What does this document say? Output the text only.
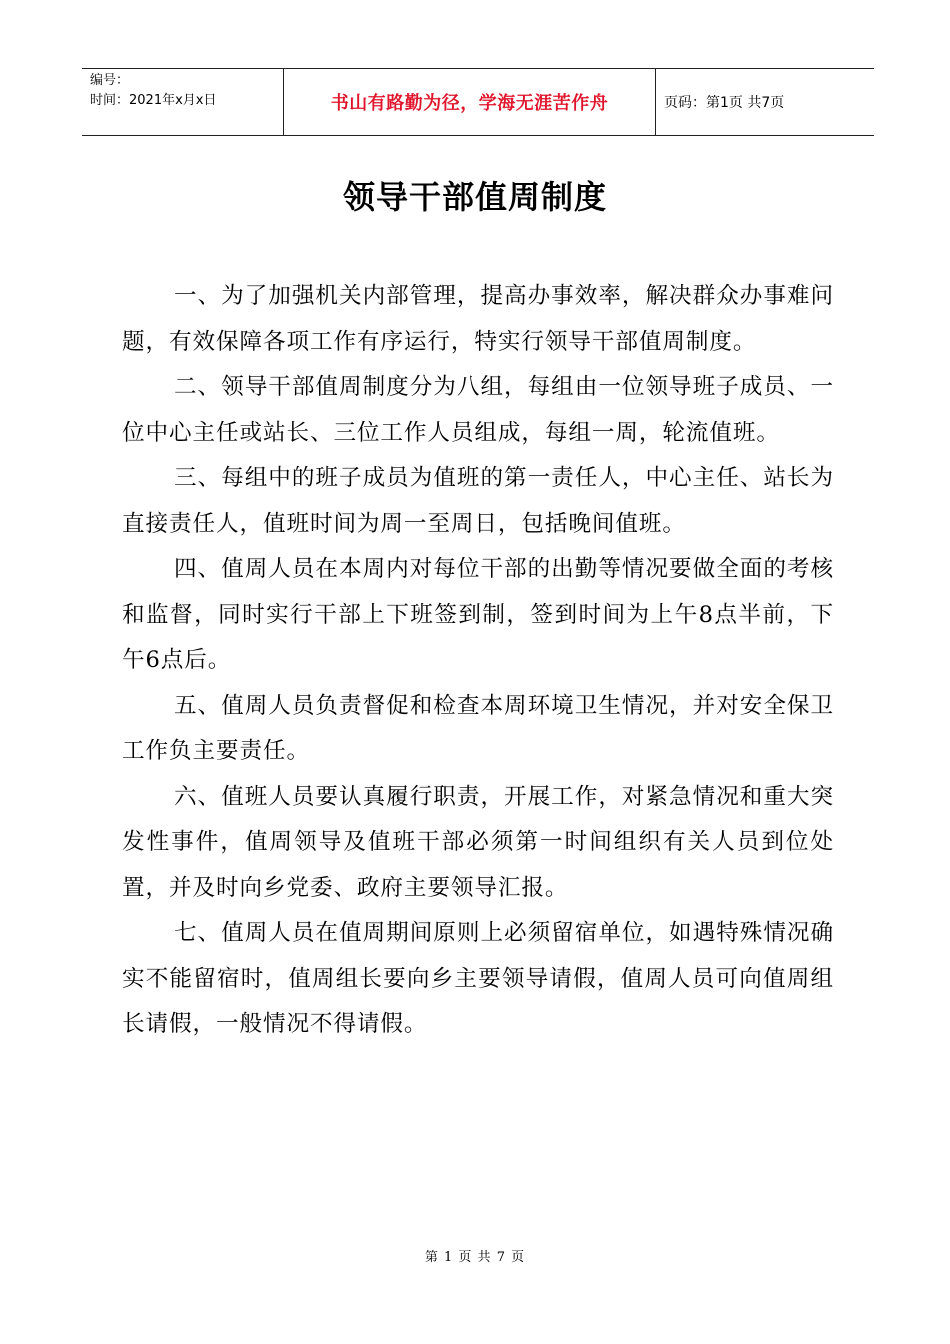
编号：
时间：2021年x月x日	书山有路勤为径，学海无涯苦作舟	页码：第1页 共7页
领导干部值周制度

一、为了加强机关内部管理，提高办事效率，解决群众办事难问题，有效保障各项工作有序运行，特实行领导干部值周制度。

二、领导干部值周制度分为八组，每组由一位领导班子成员、一位中心主任或站长、三位工作人员组成，每组一周，轮流值班。

三、每组中的班子成员为值班的第一责任人，中心主任、站长为直接责任人，值班时间为周一至周日，包括晚间值班。

四、值周人员在本周内对每位干部的出勤等情况要做全面的考核和监督，同时实行干部上下班签到制，签到时间为上午8点半前，下午6点后。

五、值周人员负责督促和检查本周环境卫生情况，并对安全保卫工作负主要责任。

六、值班人员要认真履行职责，开展工作，对紧急情况和重大突发性事件，值周领导及值班干部必须第一时间组织有关人员到位处置，并及时向乡党委、政府主要领导汇报。

七、值周人员在值周期间原则上必须留宿单位，如遇特殊情况确实不能留宿时，值周组长要向乡主要领导请假，值周人员可向值周组长请假，一般情况不得请假。

第 1 页 共 7 页
